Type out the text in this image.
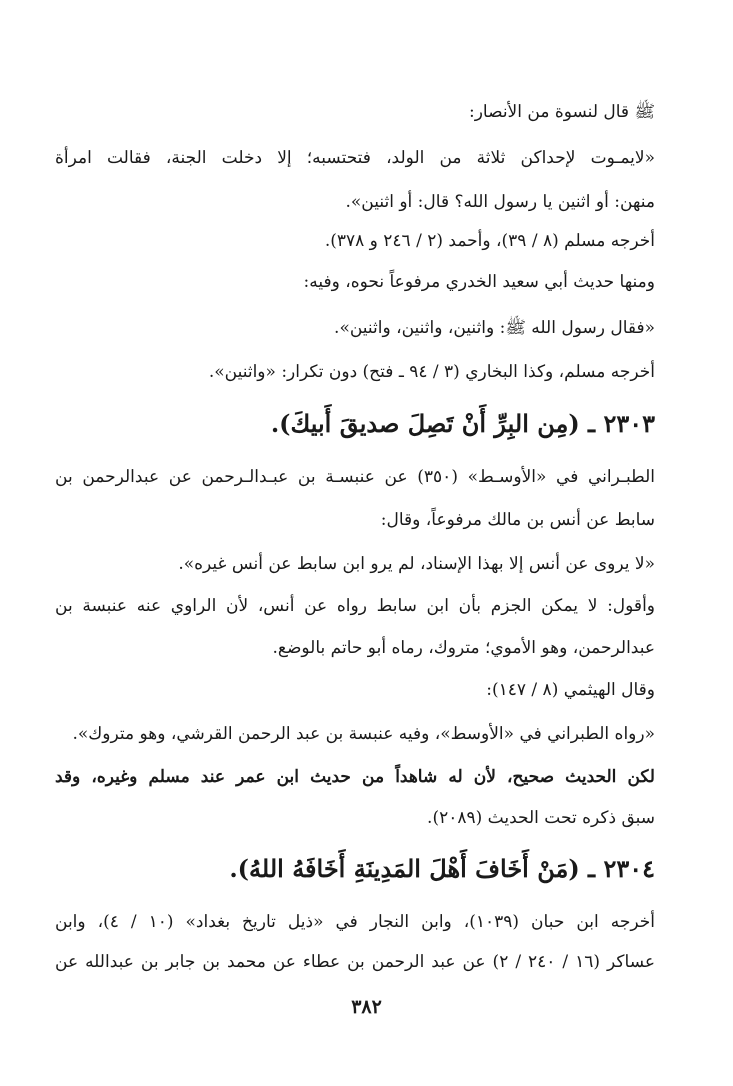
ﷺ قال لنسوة من الأنصار:
«لايمـوت لإحداكن ثلاثة من الولد، فتحتسبه؛ إلا دخلت الجنة، فقالت امرأة
منهن: أو اثنين يا رسول الله؟ قال: أو اثنين».
أخرجه مسلم (٨ / ٣٩)، وأحمد (٢ / ٢٤٦ و ٣٧٨).
ومنها حديث أبي سعيد الخدري مرفوعاً نحوه، وفيه:
«فقال رسول الله ﷺ: واثنين، واثنين، واثنين».
أخرجه مسلم، وكذا البخاري (٣ / ٩٤ ـ فتح) دون تكرار: «واثنين».
٢٣٠٣ ـ (مِن البِرِّ أَنْ تَصِلَ صديقَ أَبيكَ).
الطبـراني في «الأوسـط» (٣٥٠) عن عنبسـة بن عبـدالـرحمن عن عبدالرحمن بن
سابط عن أنس بن مالك مرفوعاً، وقال:
«لا يروى عن أنس إلا بهذا الإسناد، لم يرو ابن سابط عن أنس غيره».
وأقول: لا يمكن الجزم بأن ابن سابط رواه عن أنس، لأن الراوي عنه عنبسة بن
عبدالرحمن، وهو الأموي؛ متروك، رماه أبو حاتم بالوضع.
وقال الهيثمي (٨ / ١٤٧):
«رواه الطبراني في «الأوسط»، وفيه عنبسة بن عبد الرحمن القرشي، وهو متروك».
لكن الحديث صحيح، لأن له شاهداً من حديث ابن عمر عند مسلم وغيره، وقد
سبق ذكره تحت الحديث (٢٠٨٩).
٢٣٠٤ ـ (مَنْ أَخَافَ أَهْلَ المَدِينَةِ أَخَافَهُ اللهُ).
أخرجه ابن حبان (١٠٣٩)، وابن النجار في «ذيل تاريخ بغداد» (١٠ / ٤)، وابن
عساكر (١٦ / ٢٤٠ / ٢) عن عبد الرحمن بن عطاء عن محمد بن جابر بن عبدالله عن
٣٨٢
